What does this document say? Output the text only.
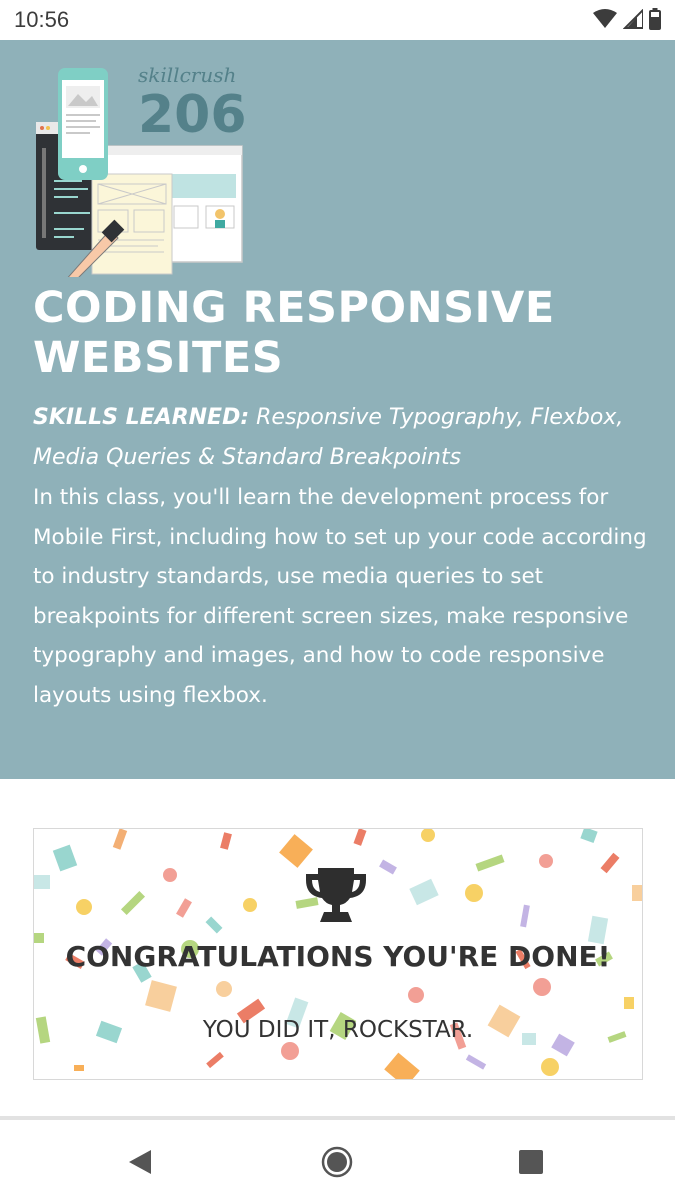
10:56
skillcrush
206
CODING RESPONSIVE WEBSITES

SKILLS LEARNED: Responsive Typography, Flexbox, Media Queries & Standard Breakpoints

In this class, you'll learn the development process for Mobile First, including how to set up your code according to industry standards, use media queries to set breakpoints for different screen sizes, make responsive typography and images, and how to code responsive layouts using flexbox.

CONGRATULATIONS YOU'RE DONE!

YOU DID IT, ROCKSTAR.
